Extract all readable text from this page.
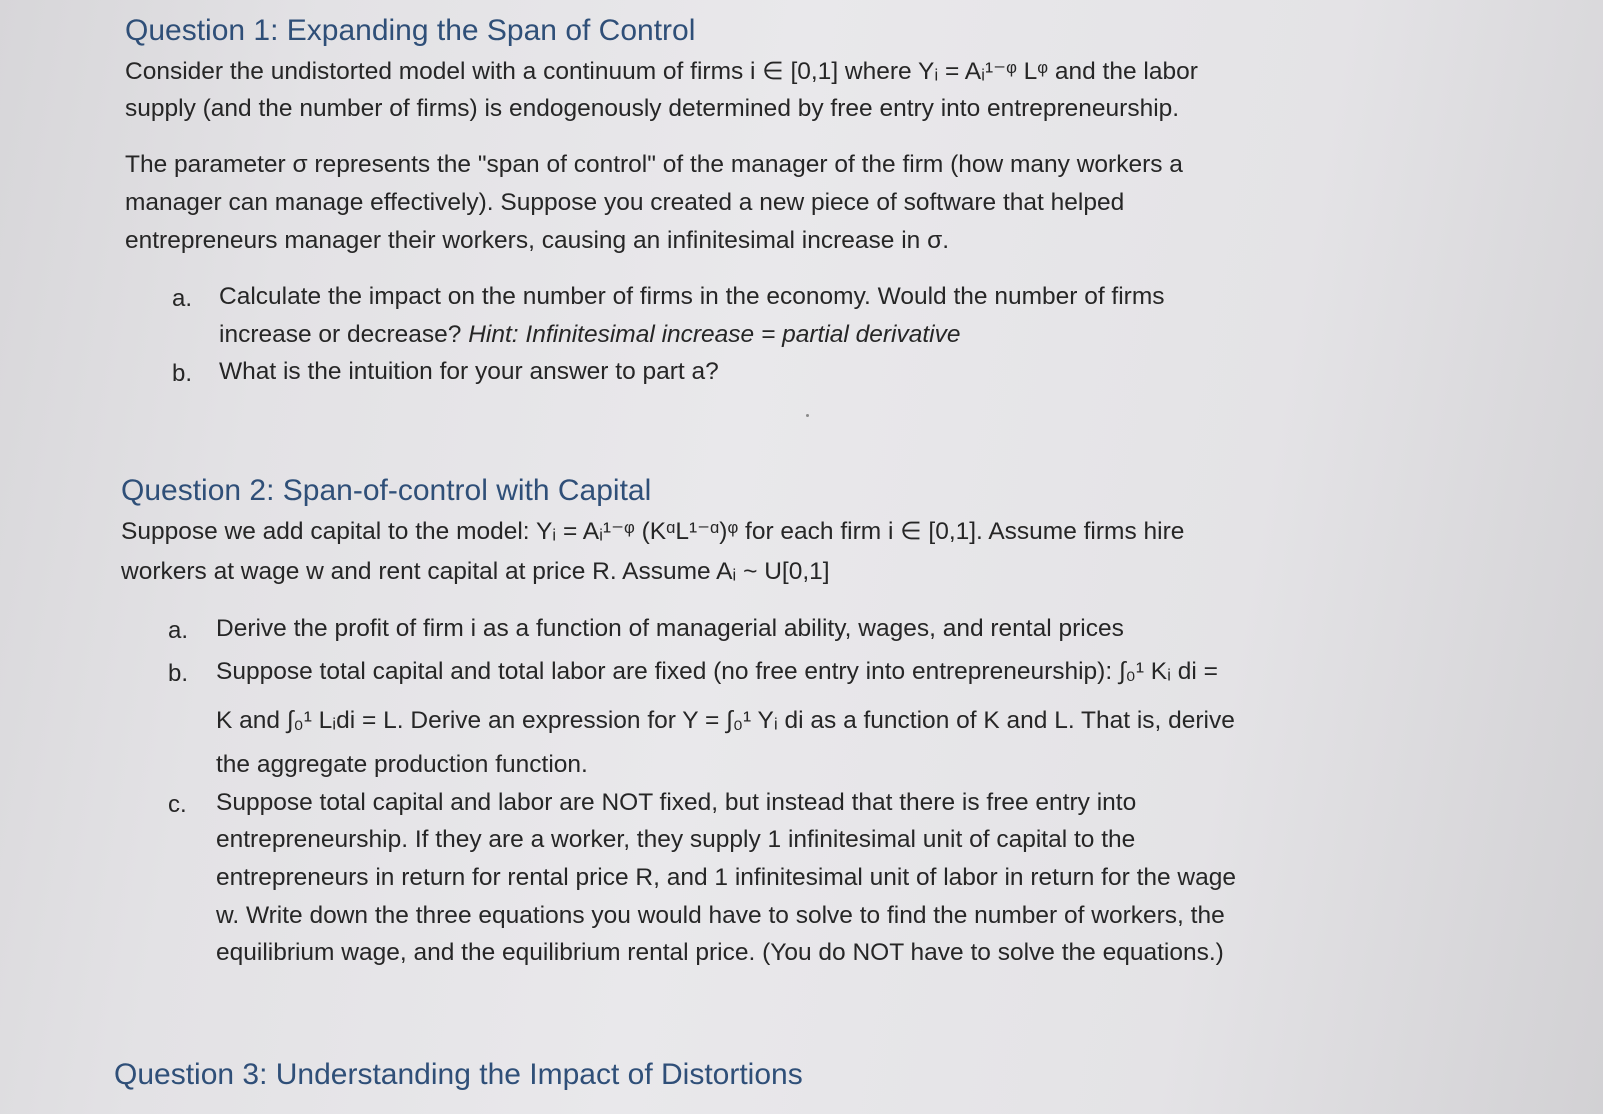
Question 1: Expanding the Span of Control
Consider the undistorted model with a continuum of firms i ∈ [0,1] where Yᵢ = Aᵢ¹⁻ᵠ Lᵠ and the labor
supply (and the number of firms) is endogenously determined by free entry into entrepreneurship.
The parameter σ represents the "span of control" of the manager of the firm (how many workers a
manager can manage effectively). Suppose you created a new piece of software that helped
entrepreneurs manager their workers, causing an infinitesimal increase in σ.
a. Calculate the impact on the number of firms in the economy. Would the number of firms
increase or decrease? Hint: Infinitesimal increase = partial derivative
b. What is the intuition for your answer to part a?
Question 2: Span-of-control with Capital
Suppose we add capital to the model: Yᵢ = Aᵢ¹⁻ᵠ (KᵅL¹⁻ᵅ)ᵠ for each firm i ∈ [0,1]. Assume firms hire
workers at wage w and rent capital at price R. Assume Aᵢ ~ U[0,1]
a. Derive the profit of firm i as a function of managerial ability, wages, and rental prices
b. Suppose total capital and total labor are fixed (no free entry into entrepreneurship): ∫₀¹ Kᵢ di =
K and ∫₀¹ Lᵢdi = L. Derive an expression for Y = ∫₀¹ Yᵢ di as a function of K and L. That is, derive
the aggregate production function.
c. Suppose total capital and labor are NOT fixed, but instead that there is free entry into
entrepreneurship. If they are a worker, they supply 1 infinitesimal unit of capital to the
entrepreneurs in return for rental price R, and 1 infinitesimal unit of labor in return for the wage
w. Write down the three equations you would have to solve to find the number of workers, the
equilibrium wage, and the equilibrium rental price. (You do NOT have to solve the equations.)
Question 3: Understanding the Impact of Distortions
